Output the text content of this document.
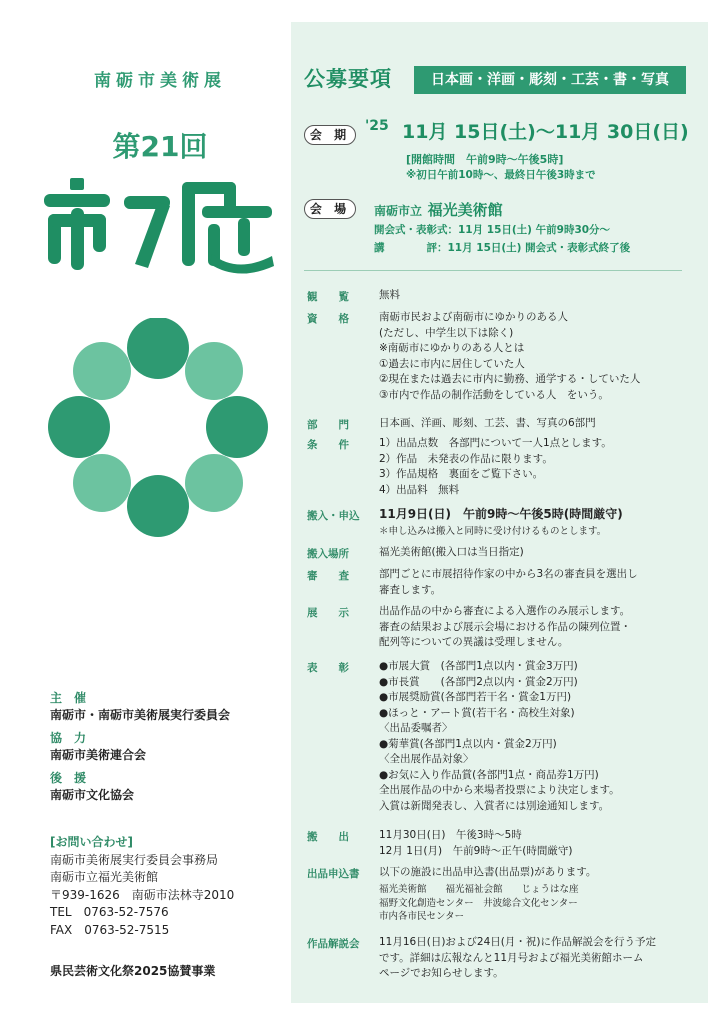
南砺市美術展
第21回
主　催
南砺市・南砺市美術展実行委員会
協　力
南砺市美術連合会
後　援
南砺市文化協会
[お問い合わせ]
南砺市美術展実行委員会事務局
南砺市立福光美術館
〒939-1626　南砺市法林寺2010
TEL　0763-52-7576
FAX　0763-52-7515
県民芸術文化祭2025協賛事業
公募要項	日本画・洋画・彫刻・工芸・書・写真
会 期
'25 11月 15日(土)～11月 30日(日)
[開館時間　午前9時～午後5時]
※初日午前10時～、最終日午後3時まで
会 場	南砺市立 福光美術館
開会式・表彰式：11月 15日(土) 午前9時30分～
講　　　　評：11月 15日(土) 開会式・表彰式終了後
観　　覧	無料
資　　格	南砺市民および南砺市にゆかりのある人
(ただし、中学生以下は除く)
※南砺市にゆかりのある人とは
①過去に市内に居住していた人
②現在または過去に市内に勤務、通学する・していた人
③市内で作品の制作活動をしている人　をいう。
部　　門	日本画、洋画、彫刻、工芸、書、写真の6部門
条　　件	1）出品点数　各部門について一人1点とします。
2）作品　未発表の作品に限ります。
3）作品規格　裏面をご覧下さい。
4）出品料　無料
搬入・申込 11月9日(日)　午前9時～午後5時(時間厳守)
＊申し込みは搬入と同時に受け付けるものとします。
搬入場所	福光美術館(搬入口は当日指定)
審　　査	部門ごとに市展招待作家の中から3名の審査員を選出し
審査します。
展　　示	出品作品の中から審査による入選作のみ展示します。
審査の結果および展示会場における作品の陳列位置・
配列等についての異議は受理しません。
表　　彰	●市展大賞　(各部門1点以内・賞金3万円)
●市長賞　　(各部門2点以内・賞金2万円)
●市展奨励賞(各部門若干名・賞金1万円)
●ほっと・アート賞(若干名・高校生対象)
〈出品委嘱者〉
●菊華賞(各部門1点以内・賞金2万円)
〈全出展作品対象〉
●お気に入り作品賞(各部門1点・商品券1万円)
全出展作品の中から来場者投票により決定します。
入賞は新聞発表し、入賞者には別途通知します。
搬　　出	11月30日(日)　午後3時～5時
12月 1日(月)　午前9時～正午(時間厳守)
出品申込書 以下の施設に出品申込書(出品票)があります。
福光美術館　　福光福祉会館　　じょうはな座
福野文化創造センター　井波総合文化センター
市内各市民センター
作品解説会 11月16日(日)および24日(月・祝)に作品解説会を行う予定
です。詳細は広報なんと11月号および福光美術館ホーム
ページでお知らせします。
